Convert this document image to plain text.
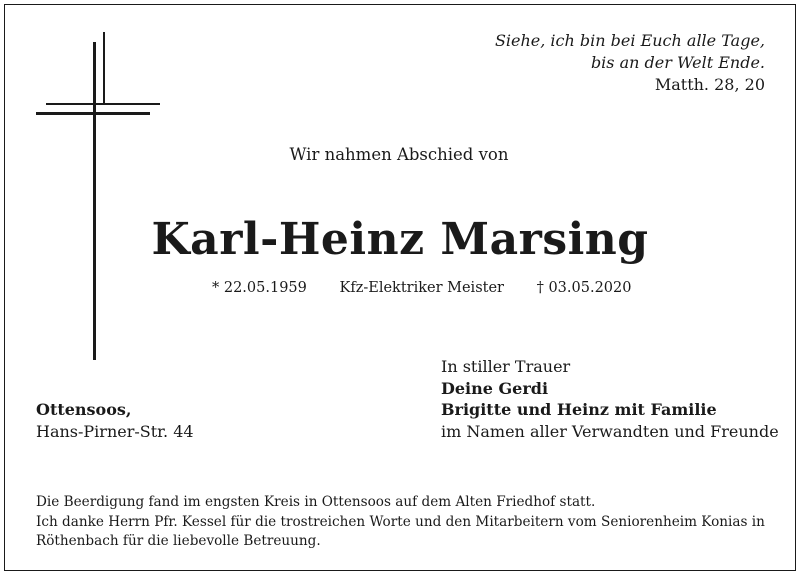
Siehe, ich bin bei Euch alle Tage,
bis an der Welt Ende.
Matth. 28, 20
Wir nahmen Abschied von
Karl-Heinz Marsing
* 22.05.1959 Kfz-Elektriker Meister † 03.05.2020
In stiller Trauer
Deine Gerdi
Brigitte und Heinz mit Familie
im Namen aller Verwandten und Freunde
Ottensoos,
Hans-Pirner-Str. 44
Die Beerdigung fand im engsten Kreis in Ottensoos auf dem Alten Friedhof statt.
Ich danke Herrn Pfr. Kessel für die trostreichen Worte und den Mitarbeitern vom Seniorenheim Konias in
Röthenbach für die liebevolle Betreuung.
